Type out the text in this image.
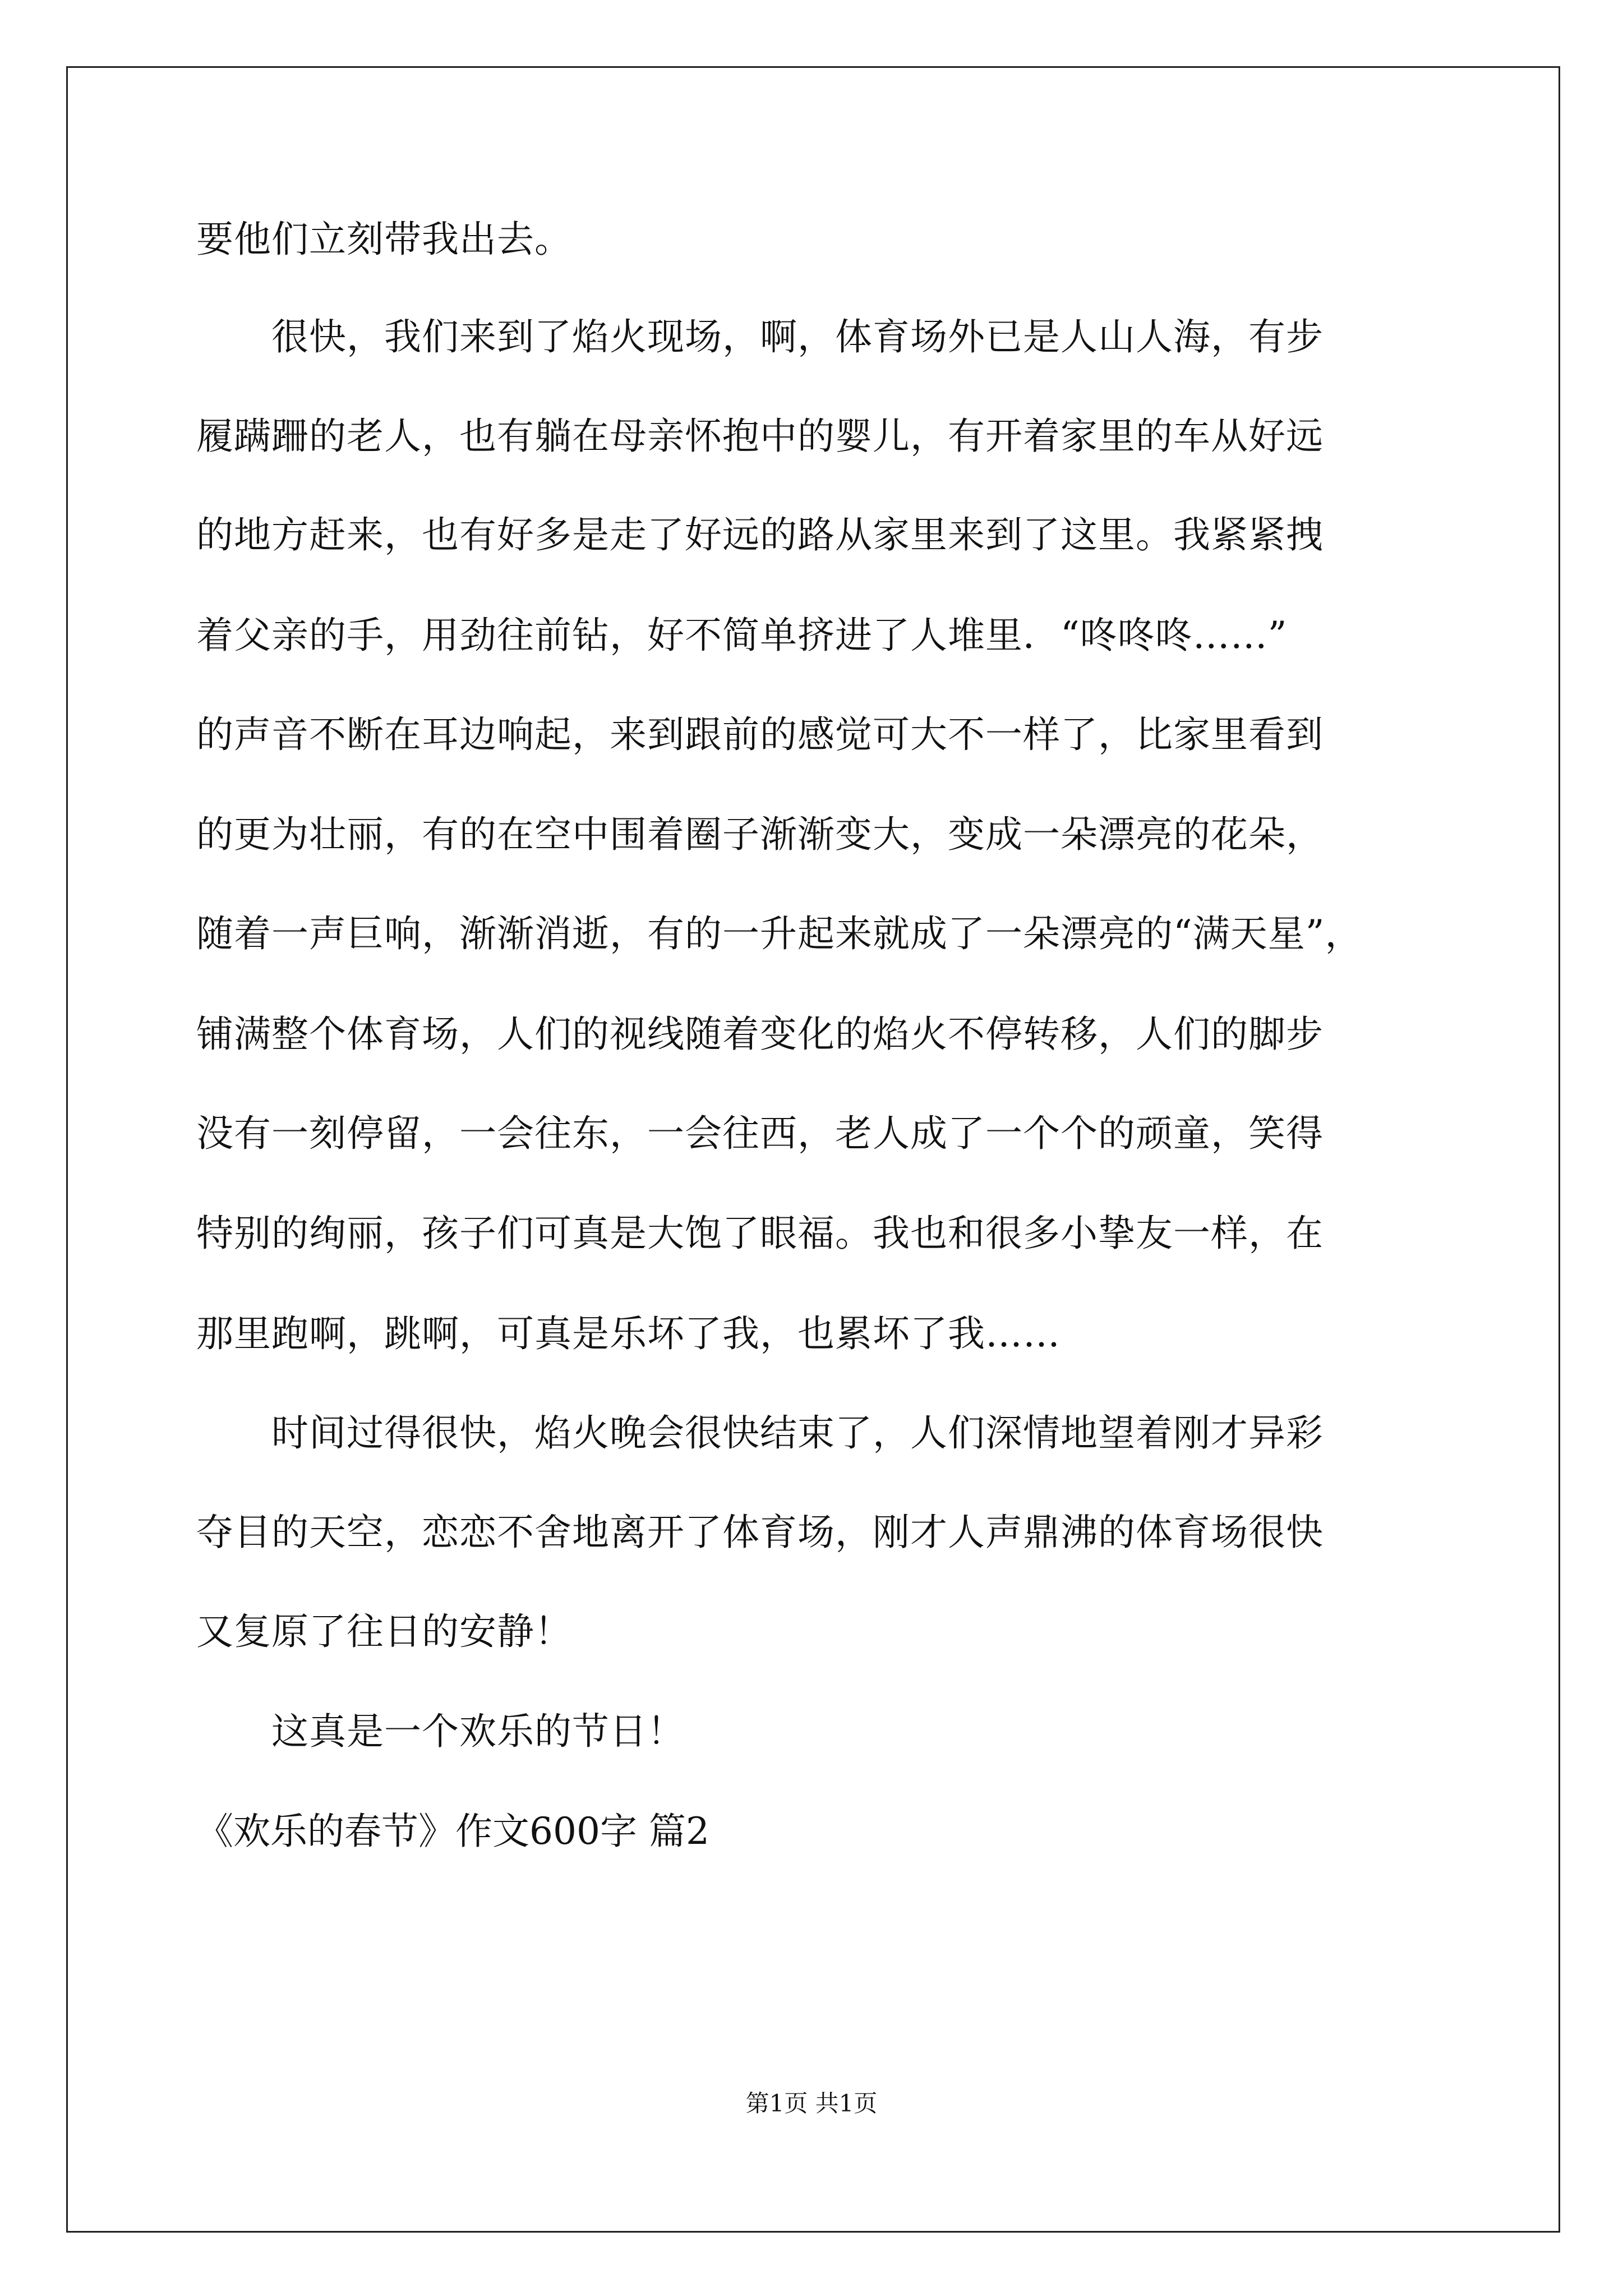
要他们立刻带我出去。
　　很快，我们来到了焰火现场，啊，体育场外已是人山人海，有步
履蹒跚的老人，也有躺在母亲怀抱中的婴儿，有开着家里的车从好远
的地方赶来，也有好多是走了好远的路从家里来到了这里。我紧紧拽
着父亲的手，用劲往前钻，好不简单挤进了人堆里．“咚咚咚……”
的声音不断在耳边响起，来到跟前的感觉可大不一样了，比家里看到
的更为壮丽，有的在空中围着圈子渐渐变大，变成一朵漂亮的花朵，
随着一声巨响，渐渐消逝，有的一升起来就成了一朵漂亮的“满天星”，
铺满整个体育场，人们的视线随着变化的焰火不停转移，人们的脚步
没有一刻停留，一会往东，一会往西，老人成了一个个的顽童，笑得
特别的绚丽，孩子们可真是大饱了眼福。我也和很多小挚友一样，在
那里跑啊，跳啊，可真是乐坏了我，也累坏了我……
　　时间过得很快，焰火晚会很快结束了，人们深情地望着刚才异彩
夺目的天空，恋恋不舍地离开了体育场，刚才人声鼎沸的体育场很快
又复原了往日的安静！
　　这真是一个欢乐的节日！
《欢乐的春节》作文600字 篇2
第1页 共1页
